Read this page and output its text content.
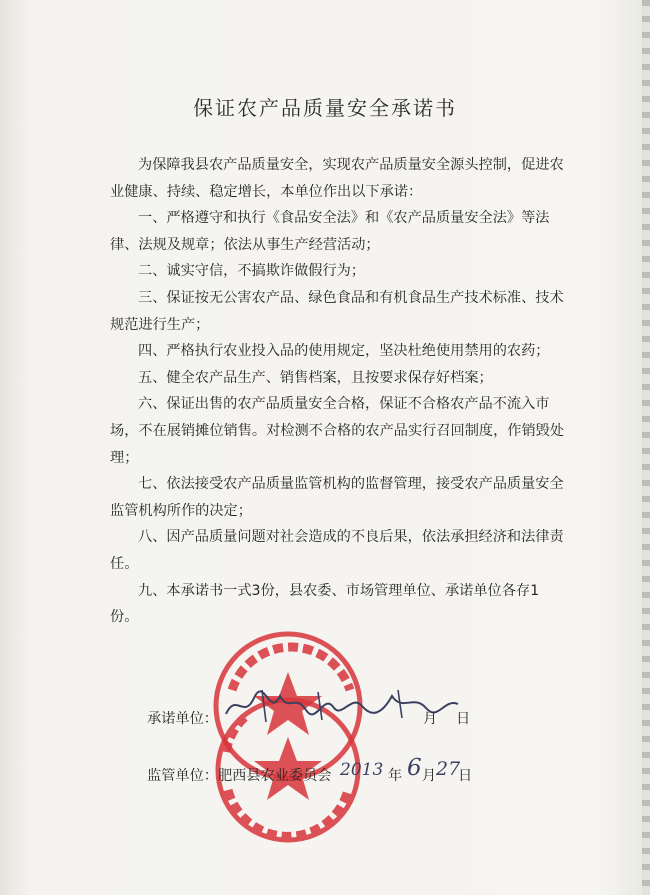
保证农产品质量安全承诺书

为保障我县农产品质量安全，实现农产品质量安全源头控制，促进农业健康、持续、稳定增长，本单位作出以下承诺：

一、严格遵守和执行《食品安全法》和《农产品质量安全法》等法律、法规及规章；依法从事生产经营活动；

二、诚实守信，不搞欺诈做假行为；

三、保证按无公害农产品、绿色食品和有机食品生产技术标准、技术规范进行生产；

四、严格执行农业投入品的使用规定，坚决杜绝使用禁用的农药；

五、健全农产品生产、销售档案，且按要求保存好档案；

六、保证出售的农产品质量安全合格，保证不合格农产品不流入市场，不在展销摊位销售。对检测不合格的农产品实行召回制度，作销毁处理；

七、依法接受农产品质量监管机构的监督管理，接受农产品质量安全监管机构所作的决定；

八、因产品质量问题对社会造成的不良后果，依法承担经济和法律责任。

九、本承诺书一式3份，县农委、市场管理单位、承诺单位各存1份。

承诺单位：	月 日
监管单位：肥西县农业委员会 2013 年 6 月 27
日
